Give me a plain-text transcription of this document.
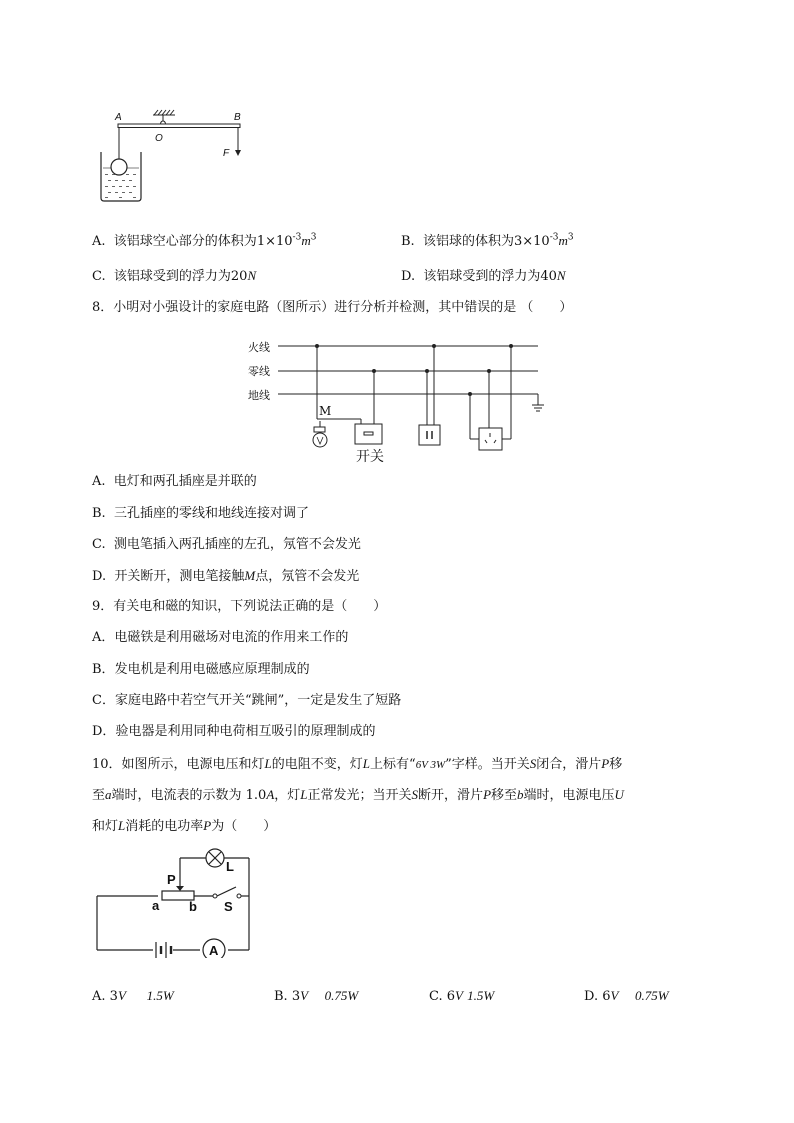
A
O
B
F
A. 该铝球空心部分的体积为$1\times 10^{-3}m^3$	B. 该铝球的体积为$3\times 10^{-3}m^3$
C. 该铝球受到的浮力为20N	D. 该铝球受到的浮力为40N
8．小明对小强设计的家庭电路（图所示）进行分析并检测，其中错误的是 （　　）
火线
零线
地线
M
开关
A. 电灯和两孔插座是并联的
B. 三孔插座的零线和地线连接对调了
C. 测电笔插入两孔插座的左孔，氖管不会发光
D. 开关断开，测电笔接触M点，氖管不会发光
9．有关电和磁的知识，下列说法正确的是（　　）
A．电磁铁是利用磁场对电流的作用来工作的
B．发电机是利用电磁感应原理制成的
C．家庭电路中若空气开关“跳闸”，一定是发生了短路
D．验电器是利用同种电荷相互吸引的原理制成的
10．如图所示，电源电压和灯L的电阻不变，灯L上标有“6V 3W”字样。当开关S闭合，滑片P移
至a端时，电流表的示数为 1.0A，灯L正常发光；当开关S断开，滑片P移至b端时，电源电压U
和灯L消耗的电功率P为（　　）
P
L
a b S
A
A. 3V 1.5W	B. 3V 0.75W	C. 6V 1.5W	D. 6V 0.75W
